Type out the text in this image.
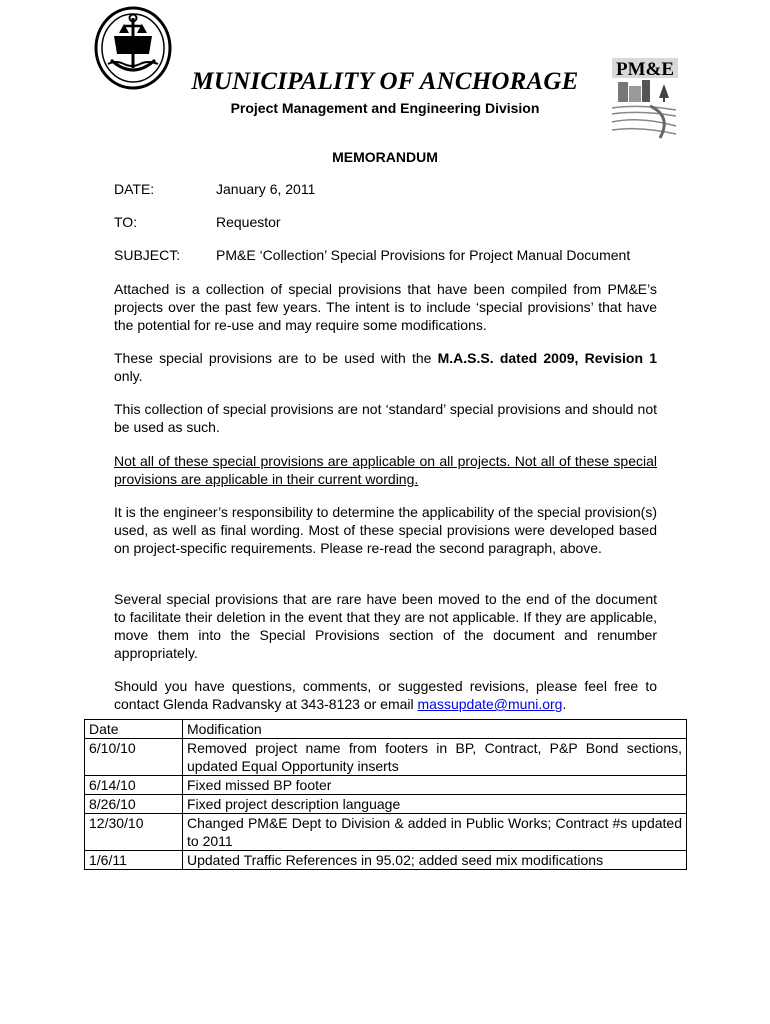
PM&E
MUNICIPALITY OF ANCHORAGE
Project Management and Engineering Division
MEMORANDUM
DATE:	January 6, 2011
TO:	Requestor
SUBJECT:	PM&E ‘Collection’ Special Provisions for Project Manual Document

Attached is a collection of special provisions that have been compiled from PM&E’s projects over the past few years. The intent is to include ‘special provisions’ that have the potential for re-use and may require some modifications.

These special provisions are to be used with the M.A.S.S. dated 2009, Revision 1 only.

This collection of special provisions are not ‘standard’ special provisions and should not be used as such.

Not all of these special provisions are applicable on all projects. Not all of these special provisions are applicable in their current wording.

It is the engineer’s responsibility to determine the applicability of the special provision(s) used, as well as final wording. Most of these special provisions were developed based on project-specific requirements. Please re-read the second paragraph, above.

Several special provisions that are rare have been moved to the end of the document to facilitate their deletion in the event that they are not applicable. If they are applicable, move them into the Special Provisions section of the document and renumber appropriately.

Should you have questions, comments, or suggested revisions, please feel free to contact Glenda Radvansky at 343-8123 or email massupdate@muni.org.

Date	Modification
6/10/10	Removed project name from footers in BP, Contract, P&P Bond sections, updated Equal Opportunity inserts
6/14/10	Fixed missed BP footer
8/26/10	Fixed project description language
12/30/10	Changed PM&E Dept to Division & added in Public Works; Contract #s updated to 2011
1/6/11	Updated Traffic References in 95.02; added seed mix modifications
